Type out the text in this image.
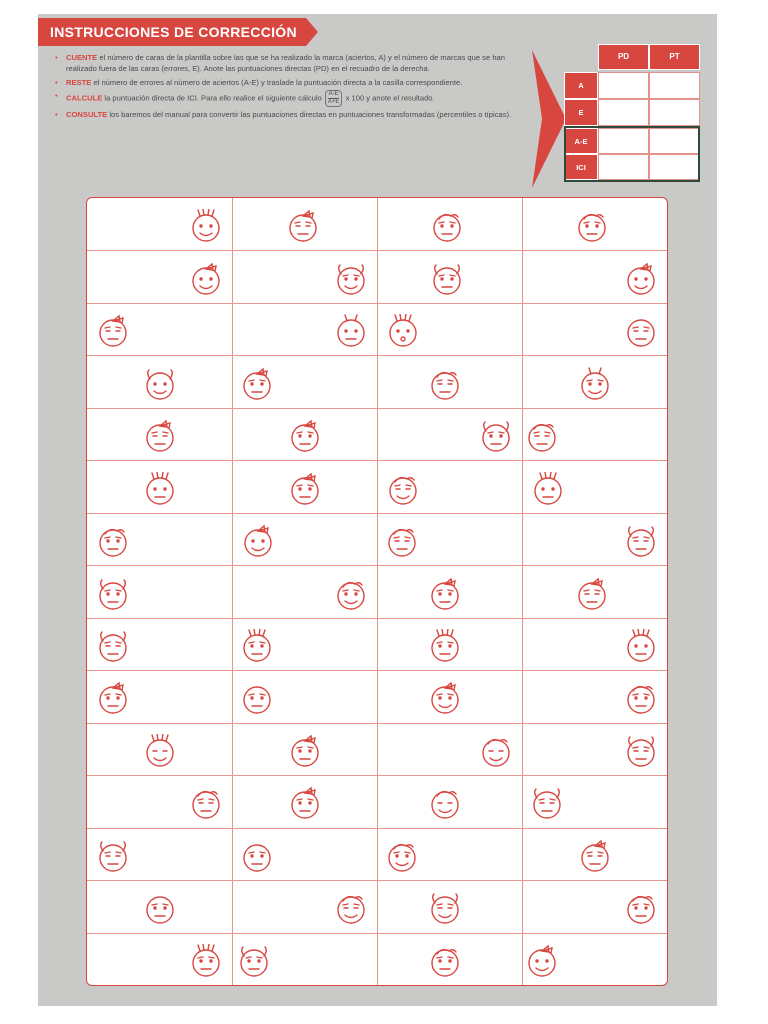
INSTRUCCIONES DE CORRECCIÓN
• CUENTE el número de caras de la plantilla sobre las que se ha realizado la marca (aciertos, A) y el número de marcas que se han realizado fuera de las caras (errores, E). Anote las puntuaciones directas (PD) en el recuadro de la derecha.
• RESTE el número de errores al número de aciertos (A-E) y traslade la puntuación directa a la casilla correspondiente.
• CALCULE la puntuación directa de ICI. Para ello realice el siguiente cálculo $\frac{A-E}{A+E}$ x 100 y anote el resultado.
• CONSULTE los baremos del manual para convertir las puntuaciones directas en puntuaciones transformadas (percentiles o típicas).
PD	PT
A
E
A-E
ICI
